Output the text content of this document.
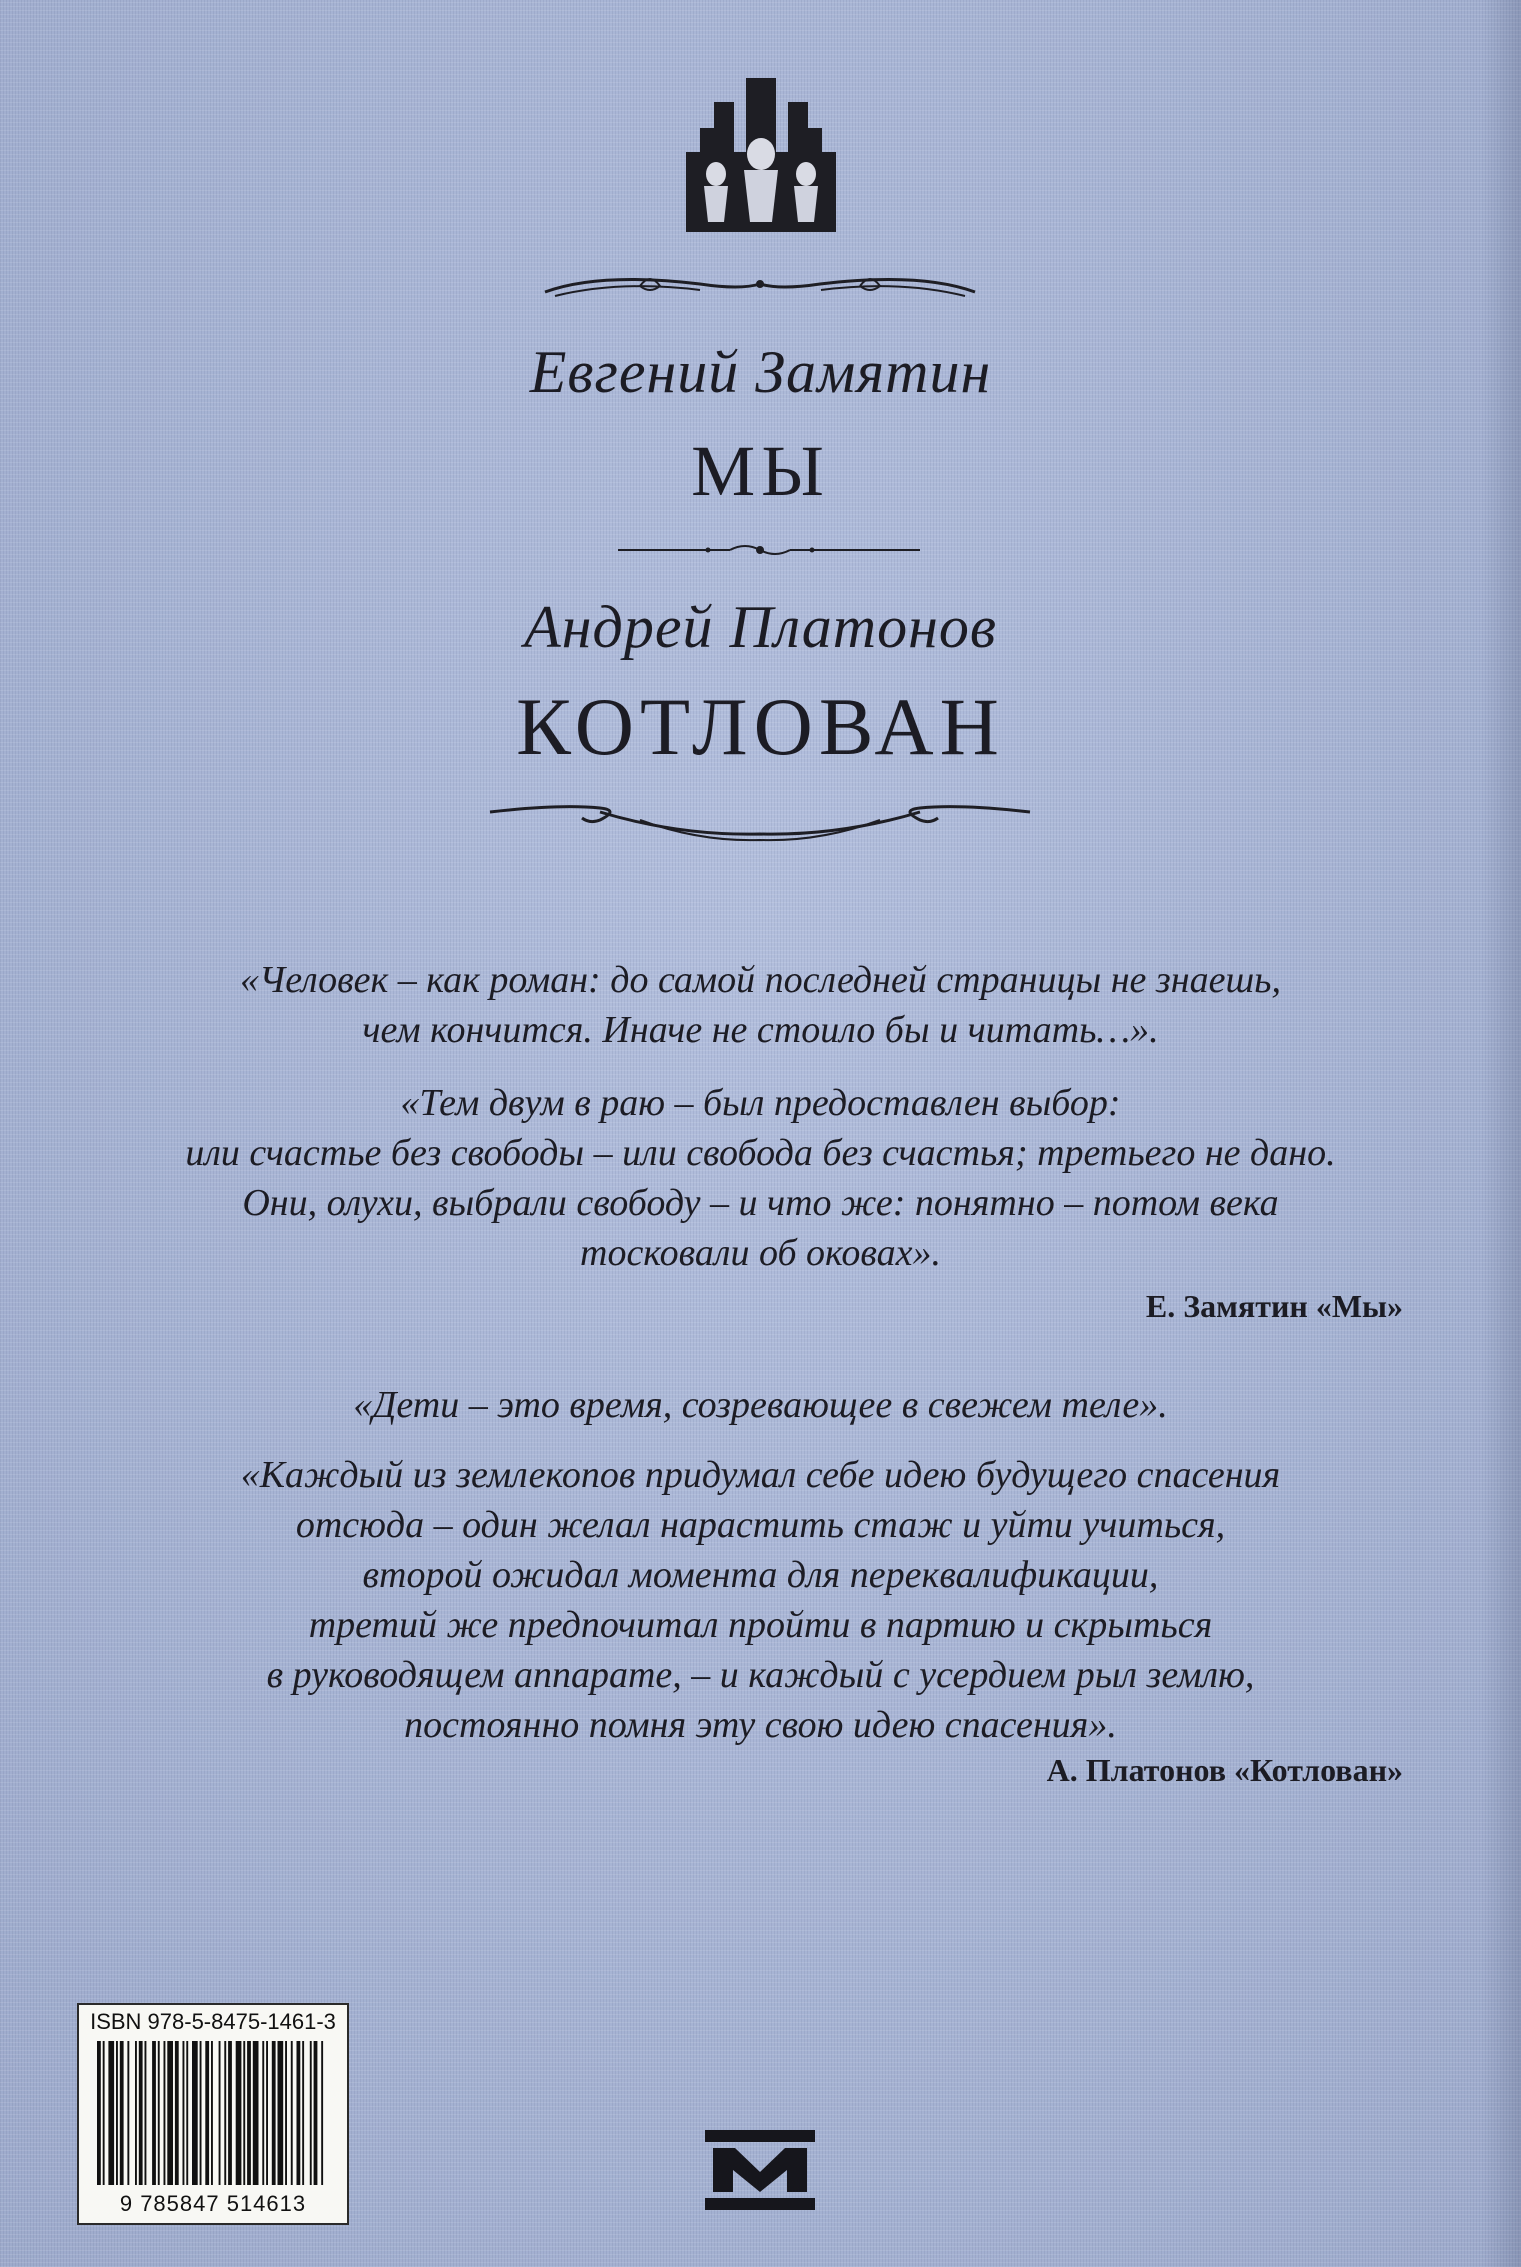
Евгений Замятин
МЫ
Андрей Платонов
КОТЛОВАН
«Человек – как роман: до самой последней страницы не знаешь,
чем кончится. Иначе не стоило бы и читать…».
«Тем двум в раю – был предоставлен выбор:
или счастье без свободы – или свобода без счастья; третьего не дано.
Они, олухи, выбрали свободу – и что же: понятно – потом века
тосковали об оковах».
Е. Замятин «Мы»
«Дети – это время, созревающее в свежем теле».
«Каждый из землекопов придумал себе идею будущего спасения
отсюда – один желал нарастить стаж и уйти учиться,
второй ожидал момента для переквалификации,
третий же предпочитал пройти в партию и скрыться
в руководящем аппарате, – и каждый с усердием рыл землю,
постоянно помня эту свою идею спасения».
А. Платонов «Котлован»
ISBN 978-5-8475-1461-3
9 785847 514613
